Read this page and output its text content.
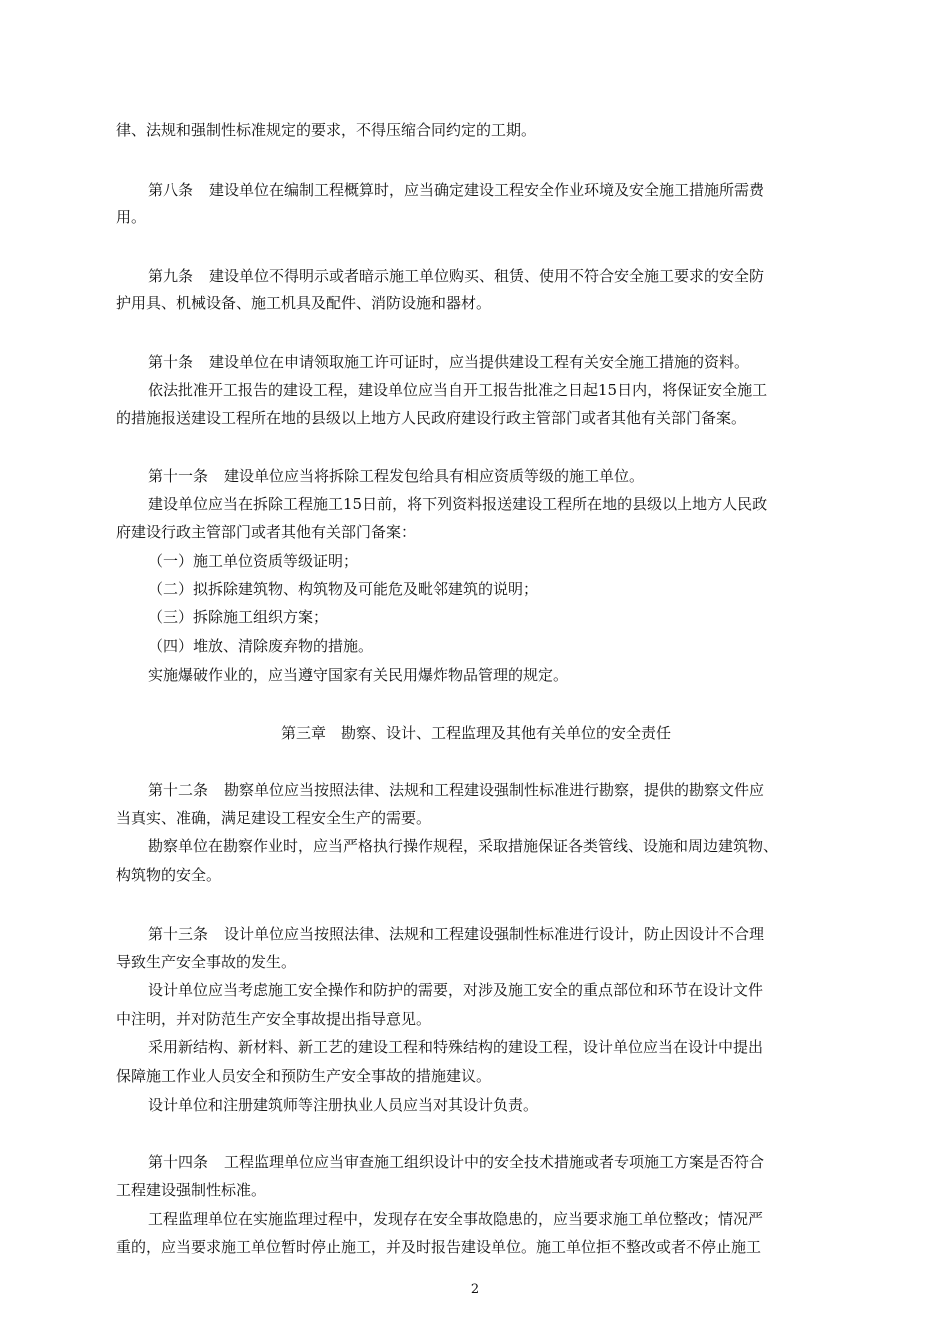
律、法规和强制性标准规定的要求，不得压缩合同约定的工期。
第八条 建设单位在编制工程概算时，应当确定建设工程安全作业环境及安全施工措施所需费
用。
第九条 建设单位不得明示或者暗示施工单位购买、租赁、使用不符合安全施工要求的安全防
护用具、机械设备、施工机具及配件、消防设施和器材。
第十条 建设单位在申请领取施工许可证时，应当提供建设工程有关安全施工措施的资料。
依法批准开工报告的建设工程，建设单位应当自开工报告批准之日起15日内，将保证安全施工
的措施报送建设工程所在地的县级以上地方人民政府建设行政主管部门或者其他有关部门备案。
第十一条 建设单位应当将拆除工程发包给具有相应资质等级的施工单位。
建设单位应当在拆除工程施工15日前，将下列资料报送建设工程所在地的县级以上地方人民政
府建设行政主管部门或者其他有关部门备案：
（一）施工单位资质等级证明；
（二）拟拆除建筑物、构筑物及可能危及毗邻建筑的说明；
（三）拆除施工组织方案；
（四）堆放、清除废弃物的措施。
实施爆破作业的，应当遵守国家有关民用爆炸物品管理的规定。
第三章　勘察、设计、工程监理及其他有关单位的安全责任
第十二条 勘察单位应当按照法律、法规和工程建设强制性标准进行勘察，提供的勘察文件应
当真实、准确，满足建设工程安全生产的需要。
勘察单位在勘察作业时，应当严格执行操作规程，采取措施保证各类管线、设施和周边建筑物、
构筑物的安全。
第十三条 设计单位应当按照法律、法规和工程建设强制性标准进行设计，防止因设计不合理
导致生产安全事故的发生。
设计单位应当考虑施工安全操作和防护的需要，对涉及施工安全的重点部位和环节在设计文件
中注明，并对防范生产安全事故提出指导意见。
采用新结构、新材料、新工艺的建设工程和特殊结构的建设工程，设计单位应当在设计中提出
保障施工作业人员安全和预防生产安全事故的措施建议。
设计单位和注册建筑师等注册执业人员应当对其设计负责。
第十四条 工程监理单位应当审查施工组织设计中的安全技术措施或者专项施工方案是否符合
工程建设强制性标准。
工程监理单位在实施监理过程中，发现存在安全事故隐患的，应当要求施工单位整改；情况严
重的，应当要求施工单位暂时停止施工，并及时报告建设单位。施工单位拒不整改或者不停止施工
2
